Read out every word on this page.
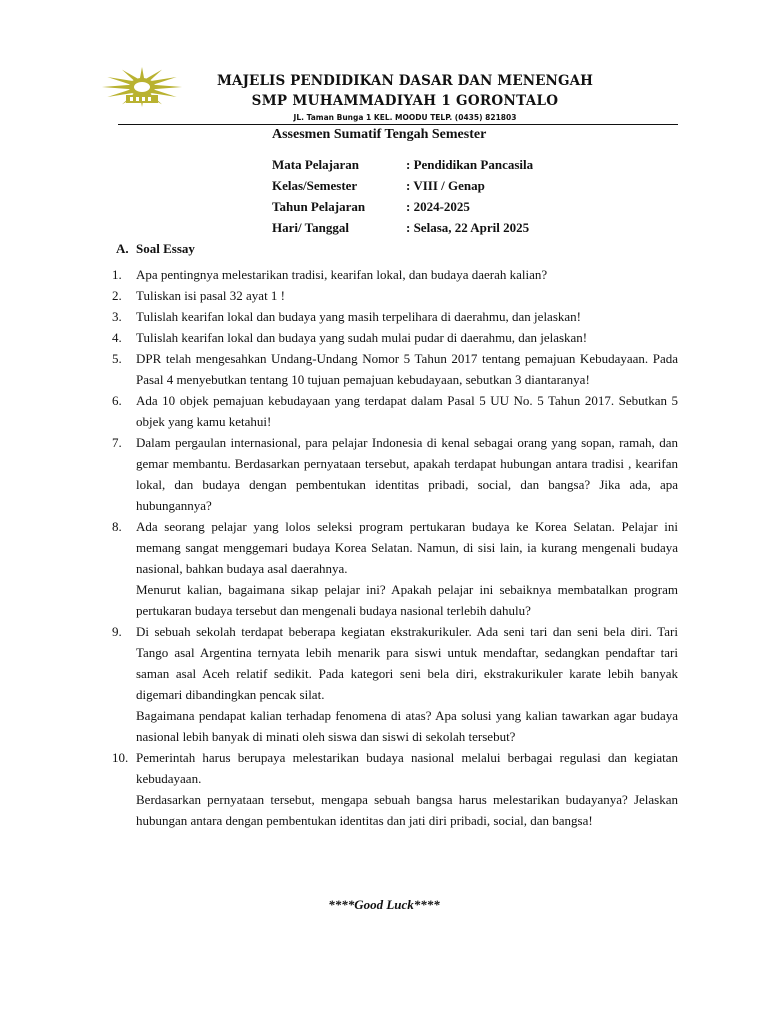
MAJELIS PENDIDIKAN DASAR DAN MENENGAH
SMP MUHAMMADIYAH 1 GORONTALO
JL. Taman Bunga 1 KEL. MOODU TELP. (0435) 821803
Assesmen Sumatif Tengah Semester
Mata Pelajaran	: Pendidikan Pancasila
Kelas/Semester	: VIII / Genap
Tahun Pelajaran	: 2024-2025
Hari/ Tanggal	: Selasa, 22 April 2025
A. Soal Essay
1.	Apa pentingnya melestarikan tradisi, kearifan lokal, dan budaya daerah kalian?

2.	Tuliskan isi pasal 32 ayat 1 !

3.	Tulislah kearifan lokal dan budaya yang masih terpelihara di daerahmu, dan jelaskan!

4.	Tulislah kearifan lokal dan budaya yang sudah mulai pudar di daerahmu, dan jelaskan!

5.	DPR telah mengesahkan Undang-Undang Nomor 5 Tahun 2017 tentang pemajuan Kebudayaan. Pada Pasal 4 menyebutkan tentang 10 tujuan pemajuan kebudayaan, sebutkan 3 diantaranya!

6.	Ada 10 objek pemajuan kebudayaan yang terdapat dalam Pasal 5 UU No. 5 Tahun 2017. Sebutkan 5 objek yang kamu ketahui!

7.	Dalam pergaulan internasional, para pelajar Indonesia di kenal sebagai orang yang sopan, ramah, dan gemar membantu. Berdasarkan pernyataan tersebut, apakah terdapat hubungan antara tradisi , kearifan lokal, dan budaya dengan pembentukan identitas pribadi, social, dan bangsa? Jika ada, apa hubungannya?

8.	Ada seorang pelajar yang lolos seleksi program pertukaran budaya ke Korea Selatan. Pelajar ini memang sangat menggemari budaya Korea Selatan. Namun, di sisi lain, ia kurang mengenali budaya nasional, bahkan budaya asal daerahnya.

Menurut kalian, bagaimana sikap pelajar ini? Apakah pelajar ini sebaiknya membatalkan program pertukaran budaya tersebut dan mengenali budaya nasional terlebih dahulu?

9.	Di sebuah sekolah terdapat beberapa kegiatan ekstrakurikuler. Ada seni tari dan seni bela diri. Tari Tango asal Argentina ternyata lebih menarik para siswi untuk mendaftar, sedangkan pendaftar tari saman asal Aceh relatif sedikit. Pada kategori seni bela diri, ekstrakurikuler karate lebih banyak digemari dibandingkan pencak silat.

Bagaimana pendapat kalian terhadap fenomena di atas? Apa solusi yang kalian tawarkan agar budaya nasional lebih banyak di minati oleh siswa dan siswi di sekolah tersebut?

10. Pemerintah harus berupaya melestarikan budaya nasional melalui berbagai regulasi dan kegiatan kebudayaan.

Berdasarkan pernyataan tersebut, mengapa sebuah bangsa harus melestarikan budayanya? Jelaskan hubungan antara dengan pembentukan identitas dan jati diri pribadi, social, dan bangsa!

****Good Luck****
